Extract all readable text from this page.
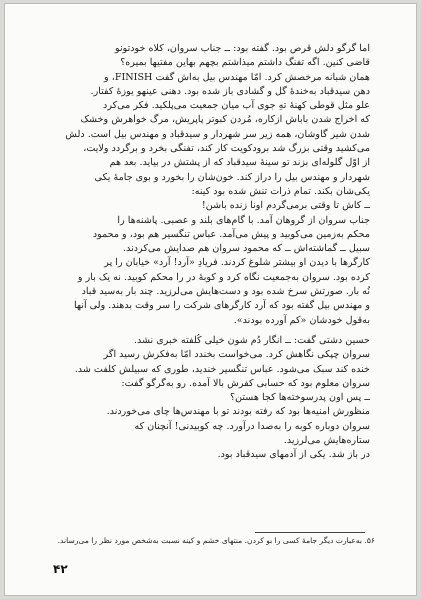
اما گرگو دلش قرص بود. گفته بود: ــ جناب سروان، کلاه خودتونو
قاضی کنین. اگه تفنگ داشتم میذاشتم بچهم بهاین مفتیها بمیره؟
همان شبانه مرخصش کرد. امّا مهندس بیل به‌اش گفت FINISH، و
دهن سیدقباد به‌خندهٔ گل و گشادی باز شده بود. دهنی عینهو یوزهٔ کفتار.
علو مثل قوطی کهنهٔ تهِ جوی آب میان جمعیت می‌پلکید. فکر می‌کرد
که اخراج شدن باباش ازکاره، مُردن کبوتر پاپریش، مرگ خواهرش وخشک
شدن شیر گاوشان، همه زیر سر شهردار و سیدقباد و مهندس بیل است. دلش
می‌کشید وقتی بزرگ شد برودکویت کار کند، تفنگی بخرد و برگردد ولایت،
از اوّل گلوله‌ای بزند تو سینهٔ سیدقباد که از پشتش در بیاید. بعد هم
شهردار و مهندس بیل را دراز کند. خون‌شان را بخورد و بوی جامهٔ یکی
یکی‌شان بکند. تمام ذرات تنش شده بود کینه:
ــ کاش تا وقتی برمی‌گردم اونا زنده باشن!
جناب سروان از گروهان آمد. با گام‌های بلند و عصبی. پاشنه‌ها را
محکم به‌زمین می‌کوبید و پیش می‌آمد. عباس تنگسیر هم بود، و محمود
سبیل ــ گماشته‌اش ــ که محمود سروان هم صدایش می‌کردند.
کارگرها با دیدن او بیشتر شلوغ کردند. فریادِ «آرد! آرد» خیابان را پر
کرده بود. سروان به‌جمعیت نگاه کرد و کوبهٔ در را محکم کوبید. نه یک بار و
نُه بار. صورتش سرخ شده بود و دست‌هایش می‌لرزید. چند بار به‌سید قباد
و مهندس بیل گفته بود که آرد کارگرهای شرکت را سر وقت بدهند. ولی آنها
به‌قول خودشان «کم آورده بودند».
حسین دشتی گفت: ــ انگار دُم شون خیلی کُلفته خبری نشد.
سروان چپکی نگاهش کرد. می‌خواست بخندد امّا به‌فکرش رسید اگر
خنده کند سبک می‌شود. عباس تنگسیر خندید، طوری که سبیلش کلفت شد.
سروان معلوم بود که حسابی کفرش بالا آمده. رو به‌گرگو گفت:
ــ پس اون پدرسوخته‌ها کجا هستن؟
منظورش امنیه‌ها بود که رفته بودند تو با مهندس‌ها چای می‌خوردند.
سروان دوباره کوبه را به‌صدا درآورد. چه کوبیدنی! آنچنان که
ستاره‌هایش می‌لرزید.
در باز شد. یکی از آدمهای سیدقباد بود.
۵۶. به‌عبارت دیگر جامهٔ کسی را بو کردن. منتهای خشم و کینه نسبت به‌شخص مورد نظر را می‌رساند.
۴۲
